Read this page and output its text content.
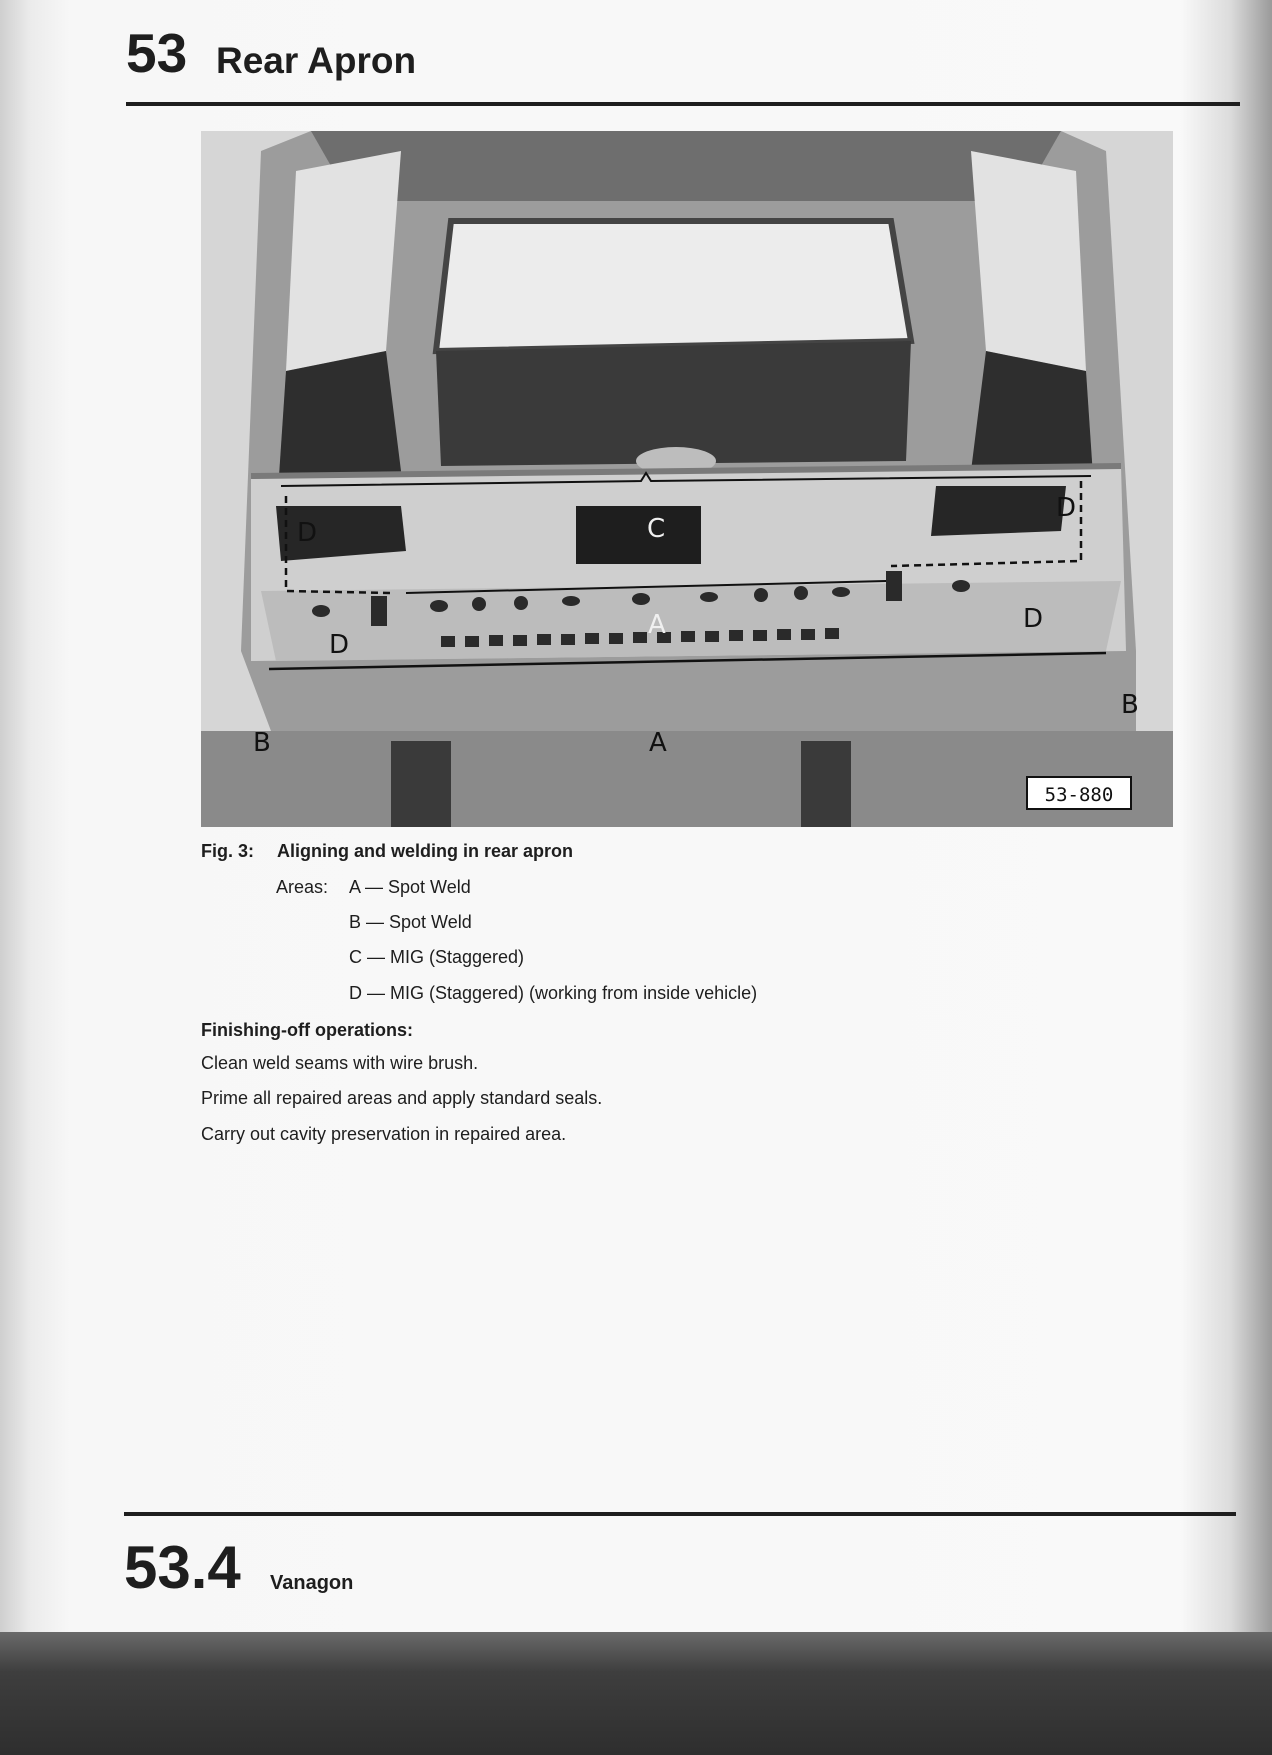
53 Rear Apron
D
D
D
D
C
A
A
B
B
53-880
Fig. 3: Aligning and welding in rear apron
Areas: A — Spot Weld
B — Spot Weld
C — MIG (Staggered)
D — MIG (Staggered) (working from inside vehicle)
Finishing-off operations:
Clean weld seams with wire brush.
Prime all repaired areas and apply standard seals.
Carry out cavity preservation in repaired area.
53.4 Vanagon
